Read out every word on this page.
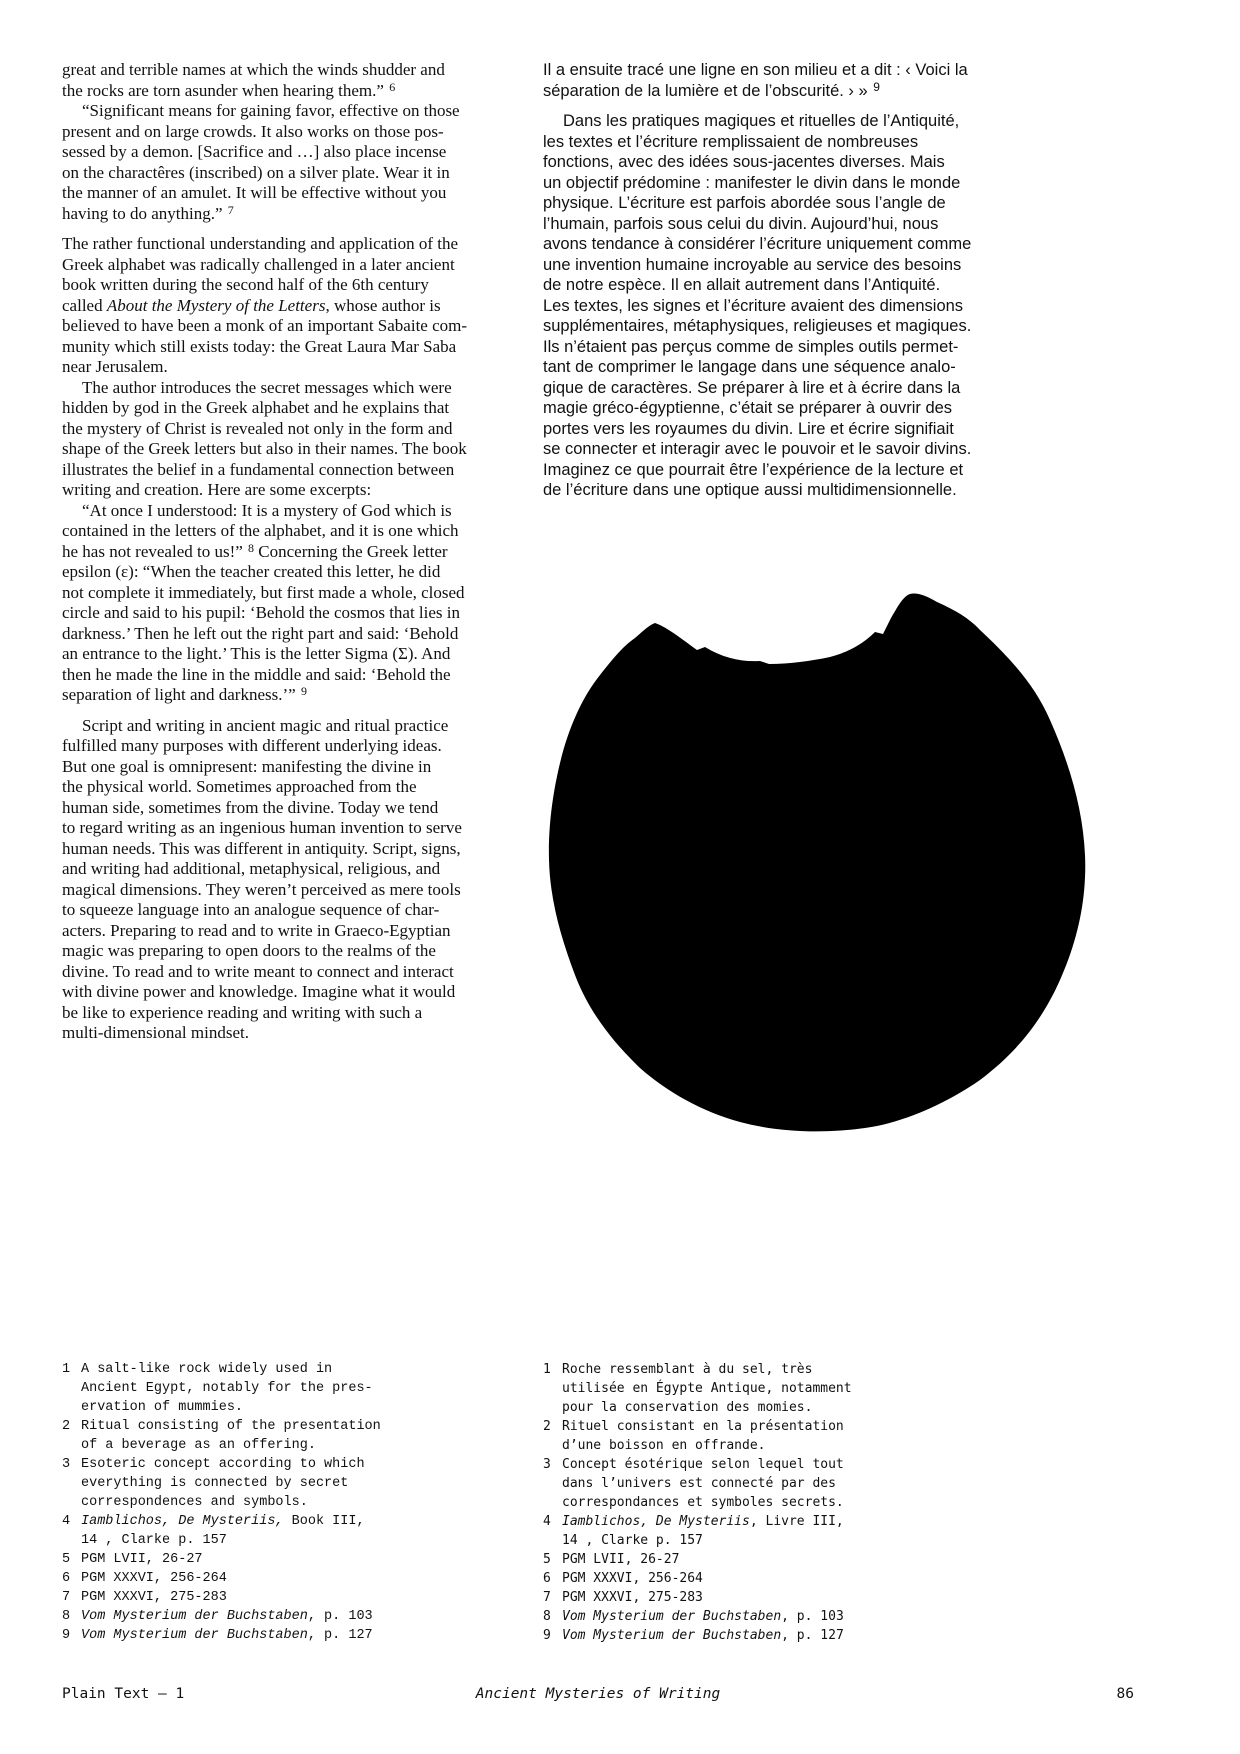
great and terrible names at which the winds shudder and
the rocks are torn asunder when hearing them.” $^6$
“Significant means for gaining favor, effective on those
present and on large crowds. It also works on those pos-
sessed by a demon. [Sacrifice and …] also place incense
on the charactêres (inscribed) on a silver plate. Wear it in
the manner of an amulet. It will be effective without you
having to do anything.” $^7$
The rather functional understanding and application of the
Greek alphabet was radically challenged in a later ancient
book written during the second half of the 6th century
called About the Mystery of the Letters, whose author is
believed to have been a monk of an important Sabaite com-
munity which still exists today: the Great Laura Mar Saba
near Jerusalem.
The author introduces the secret messages which were
hidden by god in the Greek alphabet and he explains that
the mystery of Christ is revealed not only in the form and
shape of the Greek letters but also in their names. The book
illustrates the belief in a fundamental connection between
writing and creation. Here are some excerpts:
“At once I understood: It is a mystery of God which is
contained in the letters of the alphabet, and it is one which
he has not revealed to us!” $^8$ Concerning the Greek letter
epsilon (ε): “When the teacher created this letter, he did
not complete it immediately, but first made a whole, closed
circle and said to his pupil: ‘Behold the cosmos that lies in
darkness.’ Then he left out the right part and said: ‘Behold
an entrance to the light.’ This is the letter Sigma (Σ). And
then he made the line in the middle and said: ‘Behold the
separation of light and darkness.’” $^9$
Script and writing in ancient magic and ritual practice
fulfilled many purposes with different underlying ideas.
But one goal is omnipresent: manifesting the divine in
the physical world. Sometimes approached from the
human side, sometimes from the divine. Today we tend
to regard writing as an ingenious human invention to serve
human needs. This was different in antiquity. Script, signs,
and writing had additional, metaphysical, religious, and
magical dimensions. They weren’t perceived as mere tools
to squeeze language into an analogue sequence of char-
acters. Preparing to read and to write in Graeco-Egyptian
magic was preparing to open doors to the realms of the
divine. To read and to write meant to connect and interact
with divine power and knowledge. Imagine what it would
be like to experience reading and writing with such a
multi-dimensional mindset.
Il a ensuite tracé une ligne en son milieu et a dit : ‹ Voici la
séparation de la lumière et de l’obscurité. › » $^9$
Dans les pratiques magiques et rituelles de l’Antiquité,
les textes et l’écriture remplissaient de nombreuses
fonctions, avec des idées sous-jacentes diverses. Mais
un objectif prédomine : manifester le divin dans le monde
physique. L’écriture est parfois abordée sous l’angle de
l’humain, parfois sous celui du divin. Aujourd’hui, nous
avons tendance à considérer l’écriture uniquement comme
une invention humaine incroyable au service des besoins
de notre espèce. Il en allait autrement dans l’Antiquité.
Les textes, les signes et l’écriture avaient des dimensions
supplémentaires, métaphysiques, religieuses et magiques.
Ils n’étaient pas perçus comme de simples outils permet-
tant de comprimer le langage dans une séquence analo-
gique de caractères. Se préparer à lire et à écrire dans la
magie gréco-égyptienne, c’était se préparer à ouvrir des
portes vers les royaumes du divin. Lire et écrire signifiait
se connecter et interagir avec le pouvoir et le savoir divins.
Imaginez ce que pourrait être l’expérience de la lecture et
de l’écriture dans une optique aussi multidimensionnelle.
1 A salt-like rock widely used in
Ancient Egypt, notably for the pres-
ervation of mummies.
2 Ritual consisting of the presentation
of a beverage as an offering.
3 Esoteric concept according to which
everything is connected by secret
correspondences and symbols.
4 Iamblichos, De Mysteriis, Book III,
14 , Clarke p. 157
5 PGM LVII, 26-27
6 PGM XXXVI, 256-264
7 PGM XXXVI, 275-283
8 Vom Mysterium der Buchstaben, p. 103
9 Vom Mysterium der Buchstaben, p. 127
1 Roche ressemblant à du sel, très
utilisée en Égypte Antique, notamment
pour la conservation des momies.
2 Rituel consistant en la présentation
d’une boisson en offrande.
3 Concept ésotérique selon lequel tout
dans l’univers est connecté par des
correspondances et symboles secrets.
4 Iamblichos, De Mysteriis, Livre III,
14 , Clarke p. 157
5 PGM LVII, 26-27
6 PGM XXXVI, 256-264
7 PGM XXXVI, 275-283
8 Vom Mysterium der Buchstaben, p. 103
9 Vom Mysterium der Buchstaben, p. 127
Plain Text – 1	Ancient Mysteries of Writing	86
